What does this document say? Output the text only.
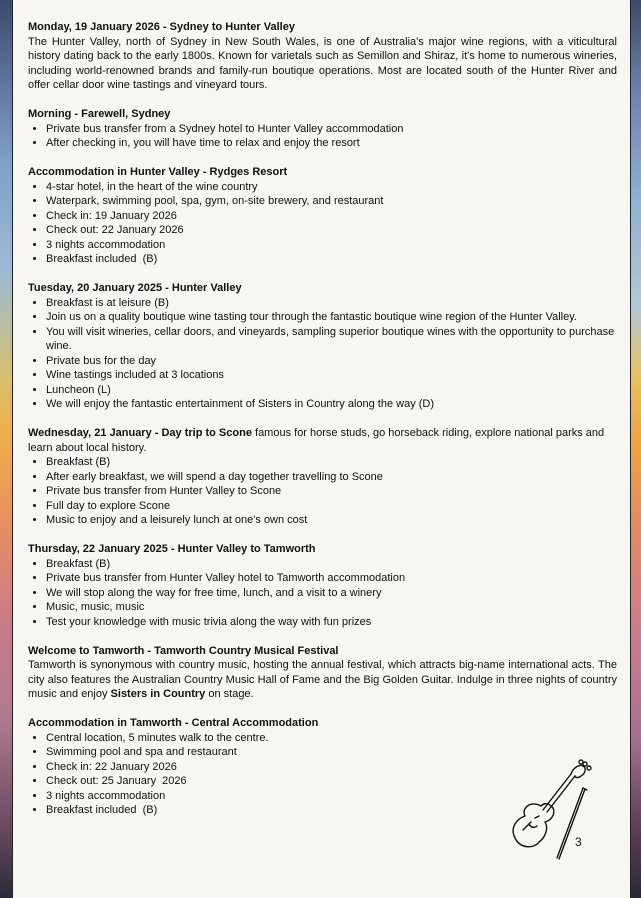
Monday, 19 January 2026 - Sydney to Hunter Valley

The Hunter Valley, north of Sydney in New South Wales, is one of Australia's major wine regions, with a viticultural history dating back to the early 1800s. Known for varietals such as Semillon and Shiraz, it's home to numerous wineries, including world-renowned brands and family-run boutique operations. Most are located south of the Hunter River and offer cellar door wine tastings and vineyard tours.

Morning - Farewell, Sydney
• Private bus transfer from a Sydney hotel to Hunter Valley accommodation
• After checking in, you will have time to relax and enjoy the resort
Accommodation in Hunter Valley - Rydges Resort
• 4-star hotel, in the heart of the wine country
• Waterpark, swimming pool, spa, gym, on-site brewery, and restaurant
• Check in: 19 January 2026
• Check out: 22 January 2026
• 3 nights accommodation
• Breakfast included  (B)
Tuesday, 20 January 2025 - Hunter Valley
• Breakfast is at leisure (B)
• Join us on a quality boutique wine tasting tour through the fantastic boutique wine region of the Hunter Valley.
• You will visit wineries, cellar doors, and vineyards, sampling superior boutique wines with the opportunity to purchase wine.
• Private bus for the day
• Wine tastings included at 3 locations
• Luncheon (L)
• We will enjoy the fantastic entertainment of Sisters in Country along the way (D)

Wednesday, 21 January - Day trip to Scone famous for horse studs, go horseback riding, explore national parks and learn about local history.

• Breakfast (B)
• After early breakfast, we will spend a day together travelling to Scone
• Private bus transfer from Hunter Valley to Scone
• Full day to explore Scone
• Music to enjoy and a leisurely lunch at one's own cost
Thursday, 22 January 2025 - Hunter Valley to Tamworth
• Breakfast (B)
• Private bus transfer from Hunter Valley hotel to Tamworth accommodation
• We will stop along the way for free time, lunch, and a visit to a winery
• Music, music, music
• Test your knowledge with music trivia along the way with fun prizes
Welcome to Tamworth - Tamworth Country Musical Festival

Tamworth is synonymous with country music, hosting the annual festival, which attracts big-name international acts. The city also features the Australian Country Music Hall of Fame and the Big Golden Guitar. Indulge in three nights of country music and enjoy Sisters in Country on stage.

Accommodation in Tamworth - Central Accommodation
• Central location, 5 minutes walk to the centre.
• Swimming pool and spa and restaurant
• Check in: 22 January 2026
• Check out: 25 January  2026
• 3 nights accommodation
• Breakfast included  (B)
3
